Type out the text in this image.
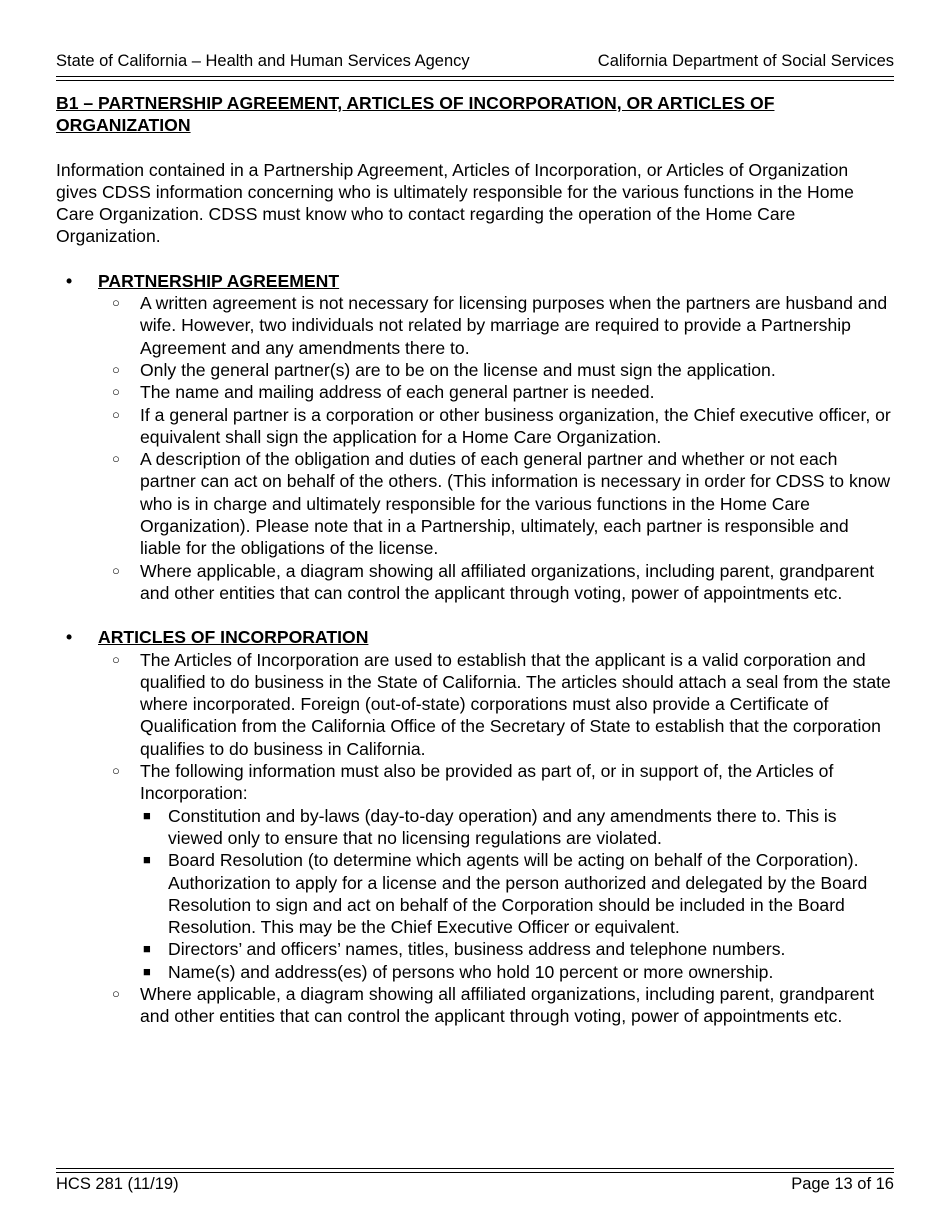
State of California – Health and Human Services Agency	California Department of Social Services

B1 – PARTNERSHIP AGREEMENT, ARTICLES OF INCORPORATION, OR ARTICLES OF ORGANIZATION

Information contained in a Partnership Agreement, Articles of Incorporation, or Articles of Organization gives CDSS information concerning who is ultimately responsible for the various functions in the Home Care Organization. CDSS must know who to contact regarding the operation of the Home Care Organization.

• PARTNERSHIP AGREEMENT
○ A written agreement is not necessary for licensing purposes when the partners are husband and wife. However, two individuals not related by marriage are required to provide a Partnership Agreement and any amendments there to.
○ Only the general partner(s) are to be on the license and must sign the application.
○ The name and mailing address of each general partner is needed.
○ If a general partner is a corporation or other business organization, the Chief executive officer, or equivalent shall sign the application for a Home Care Organization.
○ A description of the obligation and duties of each general partner and whether or not each partner can act on behalf of the others. (This information is necessary in order for CDSS to know who is in charge and ultimately responsible for the various functions in the Home Care Organization). Please note that in a Partnership, ultimately, each partner is responsible and liable for the obligations of the license.
○ Where applicable, a diagram showing all affiliated organizations, including parent, grandparent and other entities that can control the applicant through voting, power of appointments etc.
• ARTICLES OF INCORPORATION
○ The Articles of Incorporation are used to establish that the applicant is a valid corporation and qualified to do business in the State of California. The articles should attach a seal from the state where incorporated. Foreign (out-of-state) corporations must also provide a Certificate of Qualification from the California Office of the Secretary of State to establish that the corporation qualifies to do business in California.
○ The following information must also be provided as part of, or in support of, the Articles of Incorporation:
■ Constitution and by-laws (day-to-day operation) and any amendments there to. This is viewed only to ensure that no licensing regulations are violated.
■ Board Resolution (to determine which agents will be acting on behalf of the Corporation). Authorization to apply for a license and the person authorized and delegated by the Board Resolution to sign and act on behalf of the Corporation should be included in the Board Resolution. This may be the Chief Executive Officer or equivalent.
■ Directors’ and officers’ names, titles, business address and telephone numbers.
■ Name(s) and address(es) of persons who hold 10 percent or more ownership.
○ Where applicable, a diagram showing all affiliated organizations, including parent, grandparent and other entities that can control the applicant through voting, power of appointments etc.
HCS 281 (11/19)	Page 13 of 16
